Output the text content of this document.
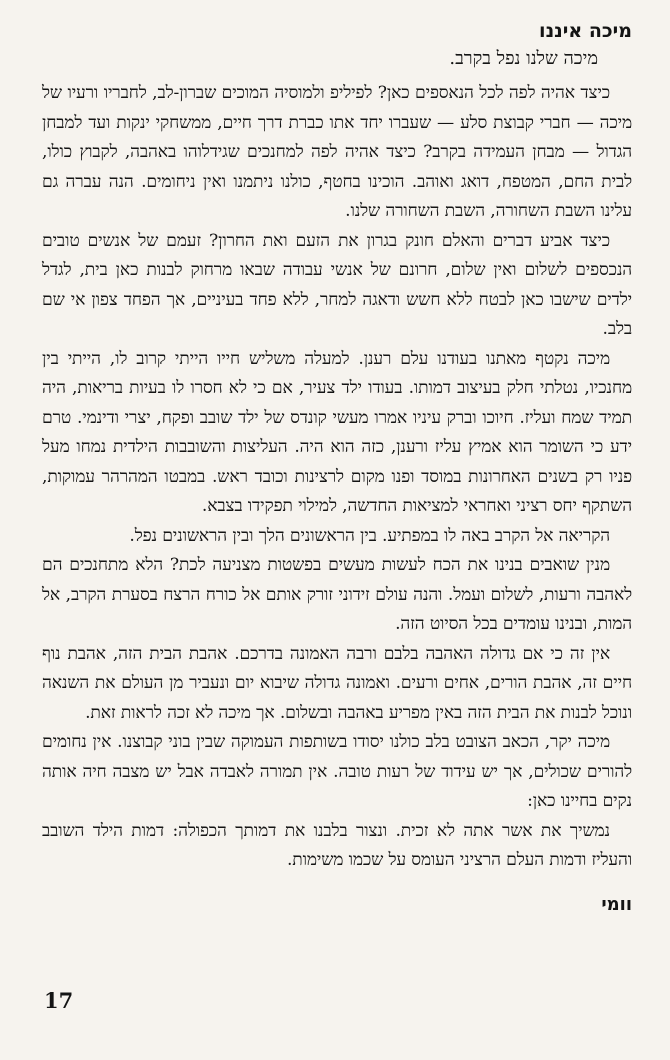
מיכה איננו
מיכה שלנו נפל בקרב.

כיצד אהיה לפה לכל הנאספים כאן? לפיליפ ולמוסיה המוכים שברון-לב, לחבריו ורעיו של מיכה — חברי קבוצת סלע — שעברו יחד אתו כברת דרך חיים, ממשחקי ינקות ועד למבחן הגדול — מבחן העמידה בקרב? כיצד אהיה לפה למחנכים שגידלוהו באהבה, לקבוץ כולו, לבית החם, המטפח, דואג ואוהב. הוכינו בחטף, כולנו ניתמנו ואין ניחומים. הנה עברה גם עלינו השבת השחורה, השבת השחורה שלנו.

כיצד אביע דברים והאלם חונק בגרון את הזעם ואת החרון? זעמם של אנשים טובים הנכספים לשלום ואין שלום, חרונם של אנשי עבודה שבאו מרחוק לבנות כאן בית, לגדל ילדים שישבו כאן לבטח ללא חשש ודאגה למחר, ללא פחד בעיניים, אך הפחד צפון אי שם בלב.

מיכה נקטף מאתנו בעודנו עלם רענן. למעלה משליש חייו הייתי קרוב לו, הייתי בין מחנכיו, נטלתי חלק בעיצוב דמותו. בעודו ילד צעיר, אם כי לא חסרו לו בעיות בריאות, היה תמיד שמח ועליז. חיוכו וברק עיניו אמרו מעשי קונדס של ילד שובב ופקח, יצרי ודינמי. טרם ידע כי השומר הוא אמיץ עליז ורענן, כזה הוא היה. העליצות והשובבות הילדית נמחו מעל פניו רק בשנים האחרונות במוסד ופנו מקום לרצינות וכובד ראש. במבטו המהרהר עמוקות, השתקף יחס רציני ואחראי למציאות החדשה, למילוי תפקידו בצבא.

הקריאה אל הקרב באה לו במפתיע. בין הראשונים הלך ובין הראשונים נפל.

מנין שואבים בנינו את הכח לעשות מעשים בפשטות מצניעה לכת? הלא מתחנכים הם לאהבה ורעות, לשלום ועמל. והנה עולם זידוני זורק אותם אל כורח הרצח בסערת הקרב, אל המות, ובנינו עומדים בכל הסיוט הזה.

אין זה כי אם גדולה האהבה בלבם ורבה האמונה בדרכם. אהבת הבית הזה, אהבת נוף חיים זה, אהבת הורים, אחים ורעים. ואמונה גדולה שיבוא יום ונעביר מן העולם את השנאה ונוכל לבנות את הבית הזה באין מפריע באהבה ובשלום. אך מיכה לא זכה לראות זאת.

מיכה יקר, הכאב הצובט בלב כולנו יסודו בשותפות העמוקה שבין בוני קבוצנו. אין נחומים להורים שכולים, אך יש עידוד של רעות טובה. אין תמורה לאבדה אבל יש מצבה חיה אותה נקים בחיינו כאן:

נמשיך את אשר אתה לא זכית. ונצור בלבנו את דמותך הכפולה: דמות הילד השובב והעליז ודמות העלם הרציני העומס על שכמו משימות.

וומי
17
